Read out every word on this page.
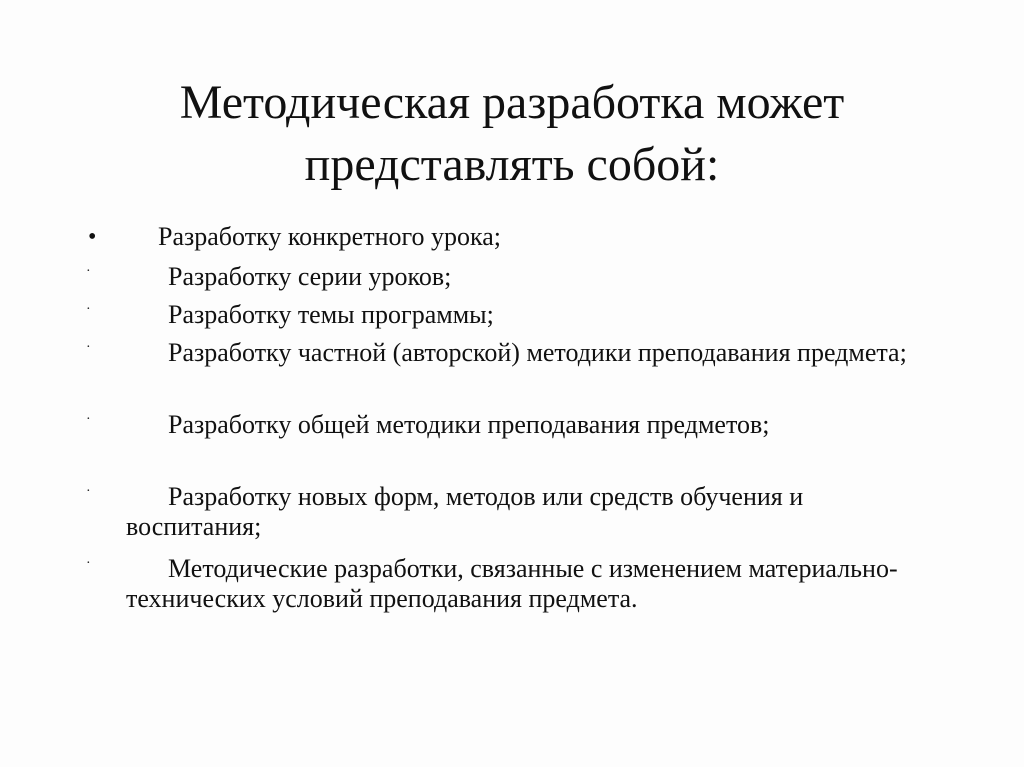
Методическая разработка может
представлять собой:
•	Разработку конкретного урока;
·	Разработку серии уроков;
·	Разработку темы программы;
·	Разработку частной (авторской) методики преподавания предмета;
·	Разработку общей методики преподавания предметов;
·	Разработку новых форм, методов или средств обучения и воспитания;
·	Методические разработки, связанные с изменением материально-технических условий преподавания предмета.
